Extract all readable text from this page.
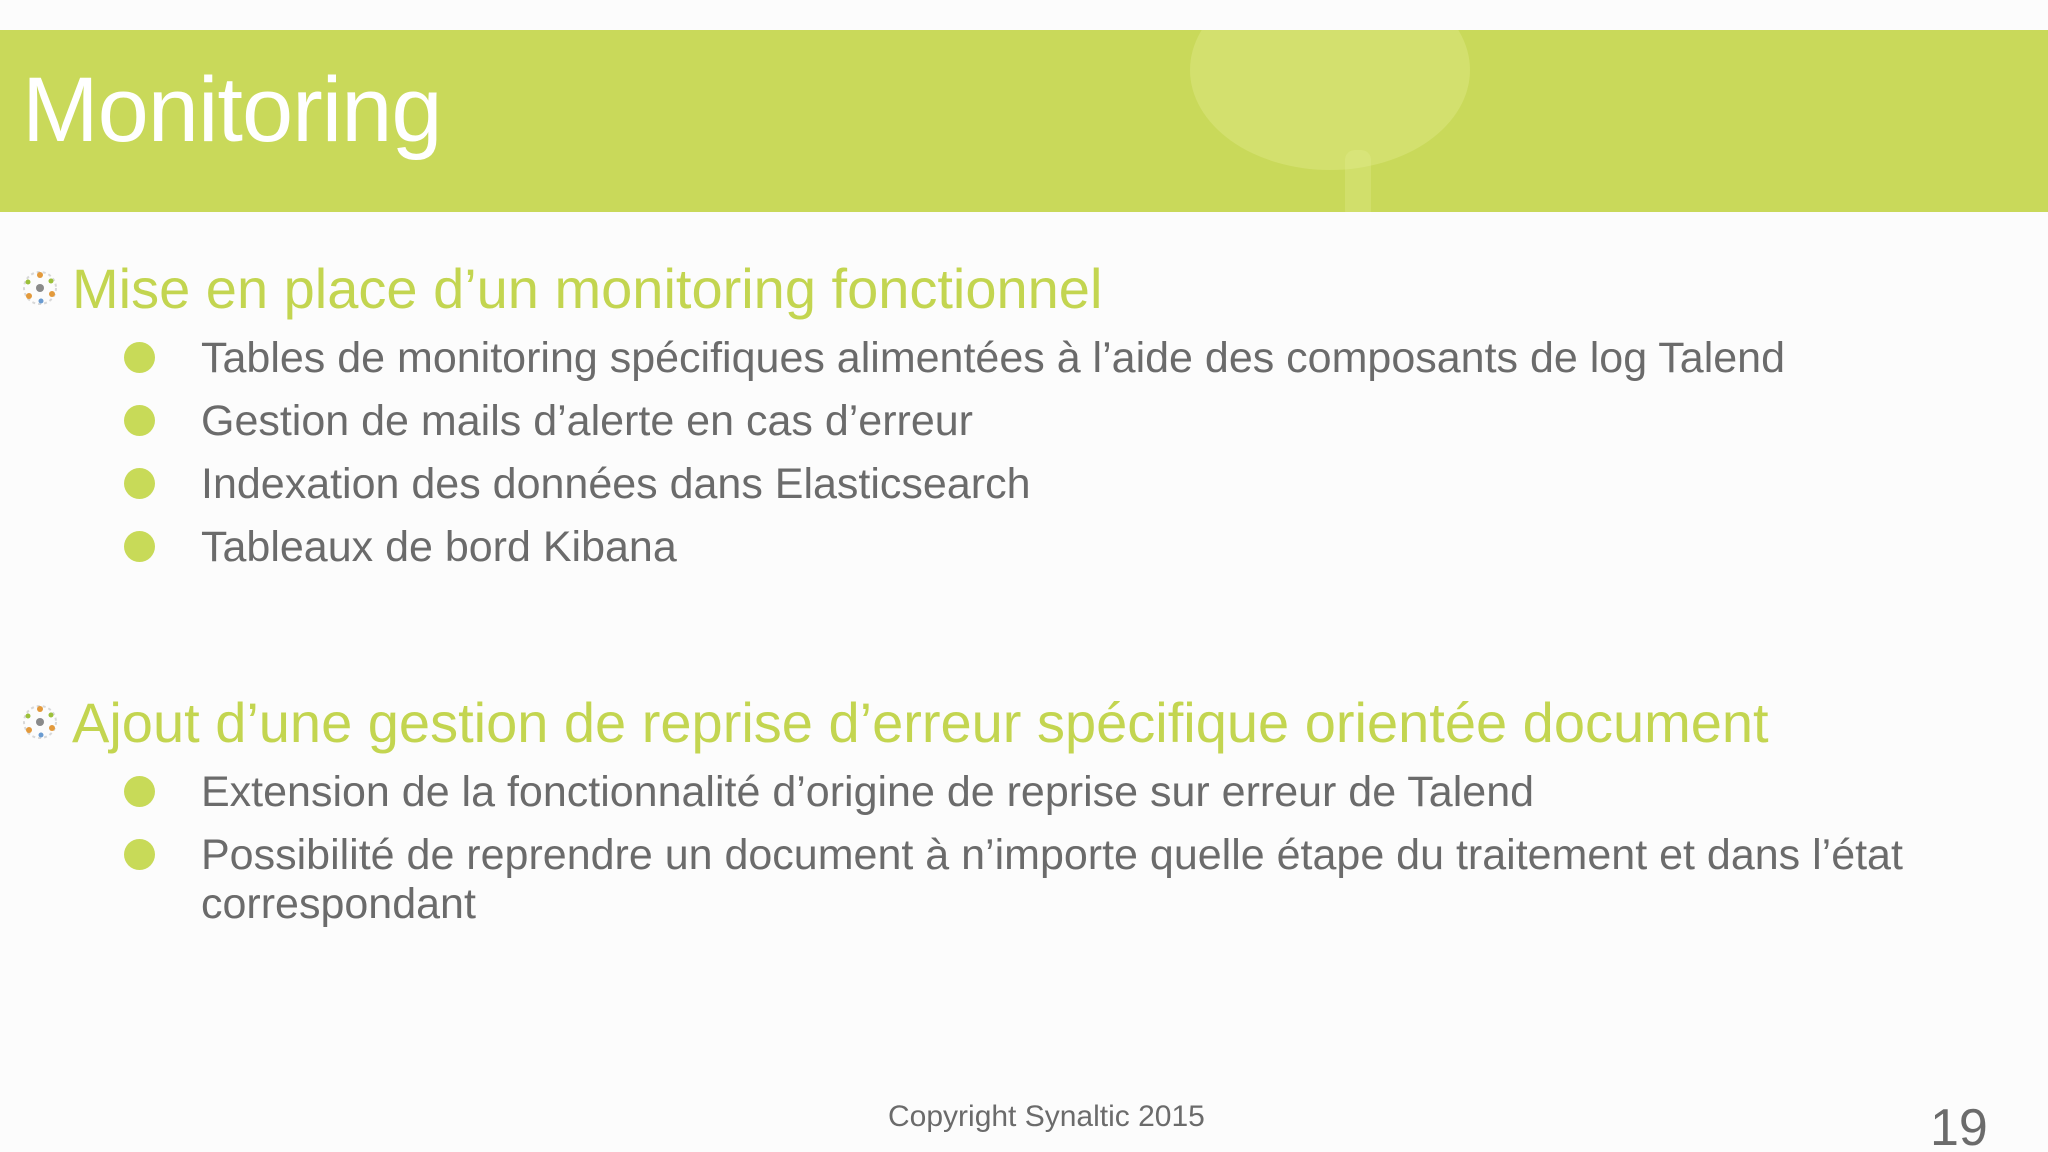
Monitoring
Mise en place d’un monitoring fonctionnel
Tables de monitoring spécifiques alimentées à l’aide des composants de log Talend
Gestion de mails d’alerte en cas d’erreur
Indexation des données dans Elasticsearch
Tableaux de bord Kibana
Ajout d’une gestion de reprise d’erreur spécifique orientée document
Extension de la fonctionnalité d’origine de reprise sur erreur de Talend
Possibilité de reprendre un document à n’importe quelle étape du traitement et dans l’état correspondant
Copyright Synaltic 2015	19
